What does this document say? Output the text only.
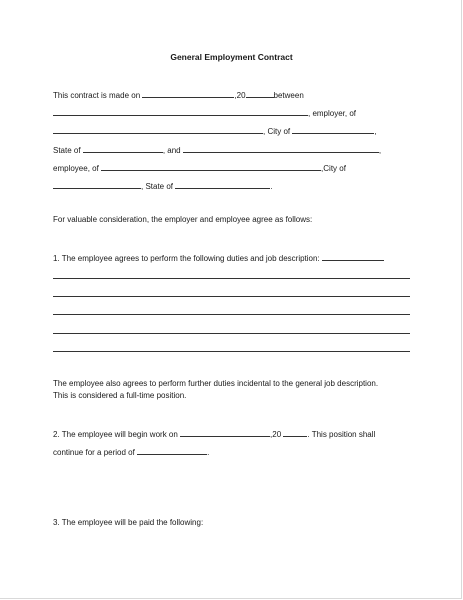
General Employment Contract
This contract is made on	,20	between
, employer, of
, City of	,
State of	, and	,
employee, of	,City of
, State of	.
For valuable consideration, the employer and employee agree as follows:
1. The employee agrees to perform the following duties and job description:
The employee also agrees to perform further duties incidental to the general job description.
This is considered a full-time position.
2. The employee will begin work on	,20	. This position shall
continue for a period of	.
3. The employee will be paid the following:
